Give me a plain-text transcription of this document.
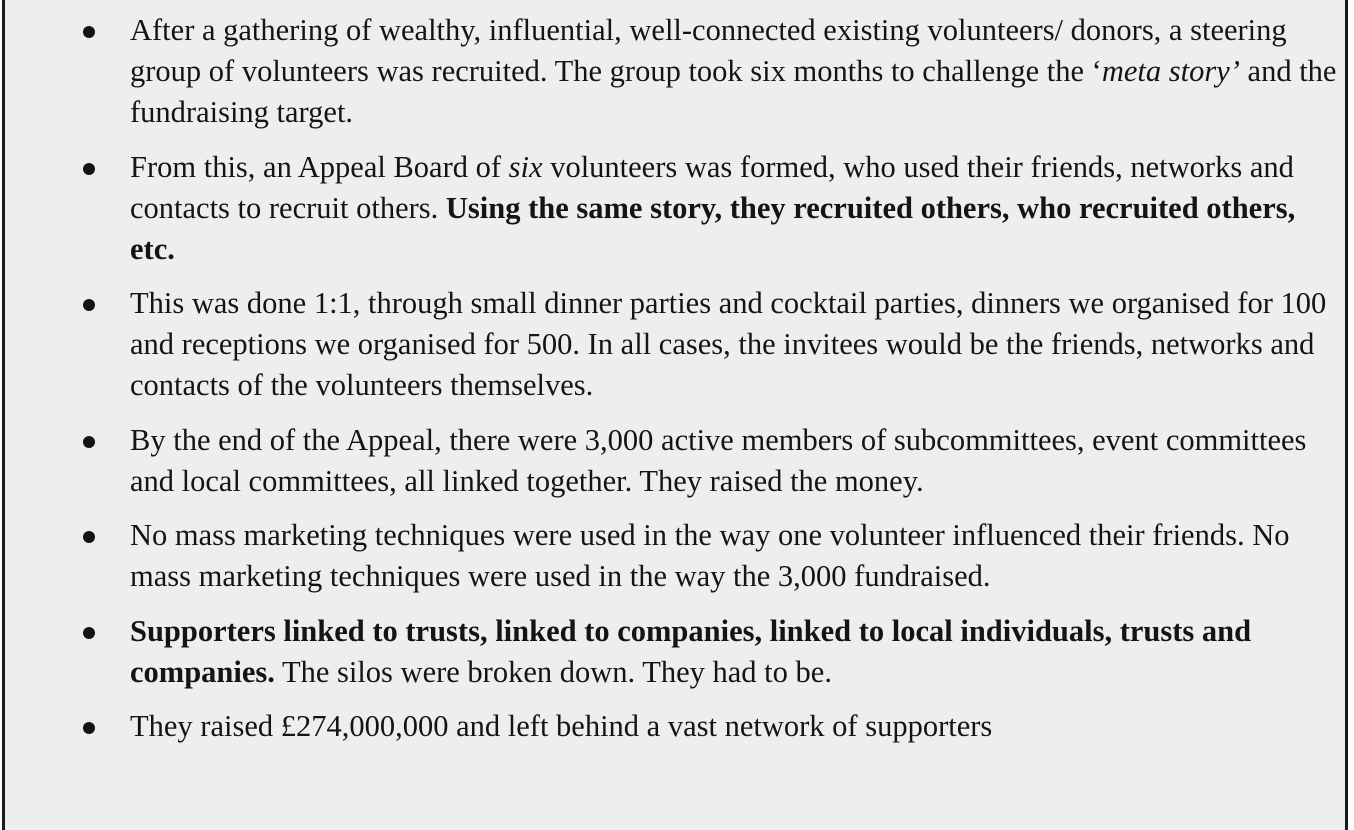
After a gathering of wealthy, influential, well-connected existing volunteers/ donors, a steering group of volunteers was recruited. The group took six months to challenge the ‘meta story’ and the fundraising target.
From this, an Appeal Board of six volunteers was formed, who used their friends, networks and contacts to recruit others. Using the same story, they recruited others, who recruited others, etc.
This was done 1:1, through small dinner parties and cocktail parties, dinners we organised for 100 and receptions we organised for 500. In all cases, the invitees would be the friends, networks and contacts of the volunteers themselves.
By the end of the Appeal, there were 3,000 active members of subcommittees, event committees and local committees, all linked together. They raised the money.
No mass marketing techniques were used in the way one volunteer influenced their friends. No mass marketing techniques were used in the way the 3,000 fundraised.
Supporters linked to trusts, linked to companies, linked to local individuals, trusts and companies. The silos were broken down. They had to be.
They raised £274,000,000 and left behind a vast network of supporters
